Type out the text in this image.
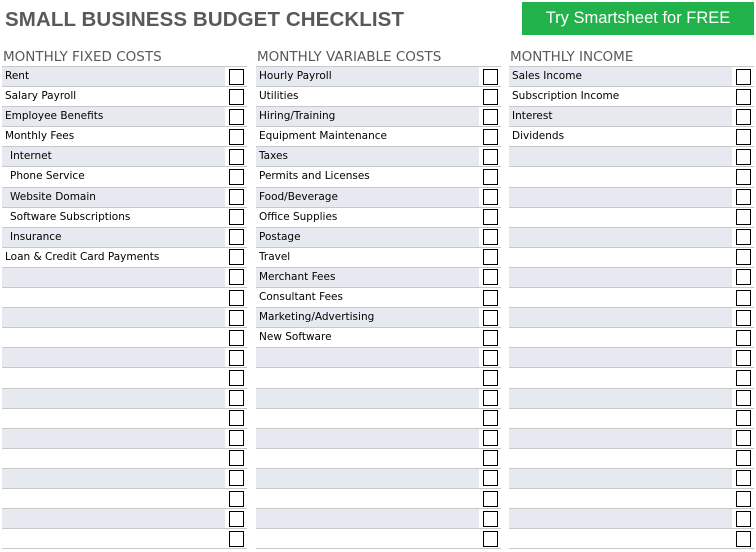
SMALL BUSINESS BUDGET CHECKLIST	Try Smartsheet for FREE
MONTHLY FIXED COSTS
Rent
Salary Payroll
Employee Benefits
Monthly Fees
Internet
Phone Service
Website Domain
Software Subscriptions
Insurance
Loan & Credit Card Payments
MONTHLY VARIABLE COSTS
Hourly Payroll
Utilities
Hiring/Training
Equipment Maintenance
Taxes
Permits and Licenses
Food/Beverage
Office Supplies
Postage
Travel
Merchant Fees
Consultant Fees
Marketing/Advertising
New Software
MONTHLY INCOME
Sales Income
Subscription Income
Interest
Dividends
